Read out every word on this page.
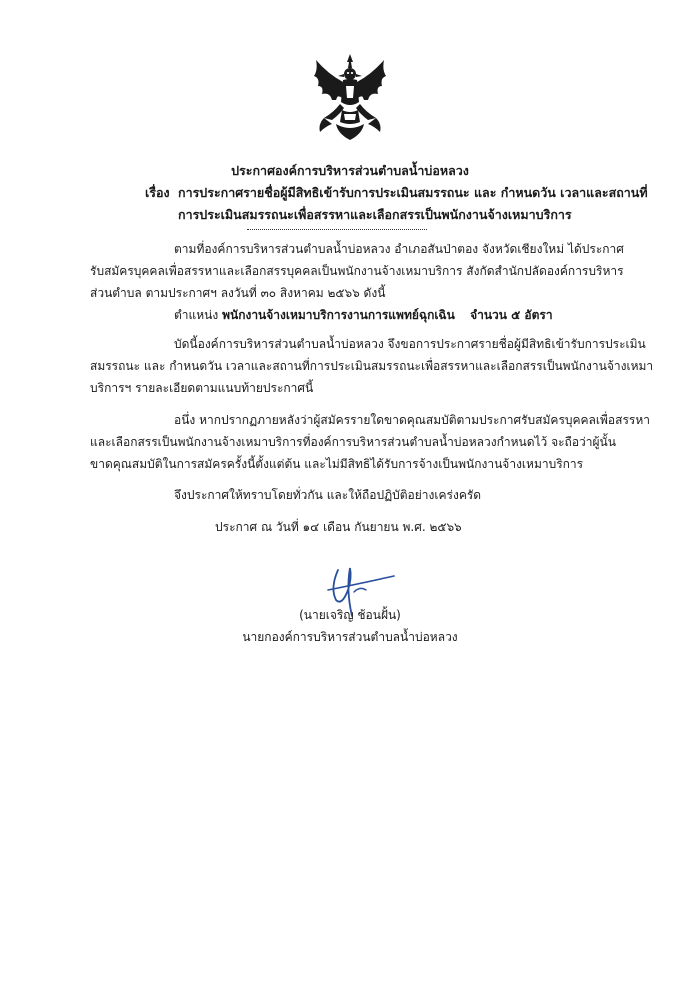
ประกาศองค์การบริหารส่วนตำบลน้ำบ่อหลวง
เรื่อง การประกาศรายชื่อผู้มีสิทธิเข้ารับการประเมินสมรรถนะ และ กำหนดวัน เวลาและสถานที่
การประเมินสมรรถนะเพื่อสรรหาและเลือกสรรเป็นพนักงานจ้างเหมาบริการ
ตามที่องค์การบริหารส่วนตำบลน้ำบ่อหลวง อำเภอสันป่าตอง จังหวัดเชียงใหม่ ได้ประกาศ
รับสมัครบุคคลเพื่อสรรหาและเลือกสรรบุคคลเป็นพนักงานจ้างเหมาบริการ สังกัดสำนักปลัดองค์การบริหาร
ส่วนตำบล ตามประกาศฯ ลงวันที่ ๓๐ สิงหาคม ๒๕๖๖ ดังนี้
ตำแหน่ง พนักงานจ้างเหมาบริการงานการแพทย์ฉุกเฉิน จำนวน ๕ อัตรา
บัดนี้องค์การบริหารส่วนตำบลน้ำบ่อหลวง จึงขอการประกาศรายชื่อผู้มีสิทธิเข้ารับการประเมิน
สมรรถนะ และ กำหนดวัน เวลาและสถานที่การประเมินสมรรถนะเพื่อสรรหาและเลือกสรรเป็นพนักงานจ้างเหมา
บริการฯ รายละเอียดตามแนบท้ายประกาศนี้
อนึ่ง หากปรากฏภายหลังว่าผู้สมัครรายใดขาดคุณสมบัติตามประกาศรับสมัครบุคคลเพื่อสรรหา
และเลือกสรรเป็นพนักงานจ้างเหมาบริการที่องค์การบริหารส่วนตำบลน้ำบ่อหลวงกำหนดไว้ จะถือว่าผู้นั้น
ขาดคุณสมบัติในการสมัครครั้งนี้ตั้งแต่ต้น และไม่มีสิทธิได้รับการจ้างเป็นพนักงานจ้างเหมาบริการ
จึงประกาศให้ทราบโดยทั่วกัน และให้ถือปฏิบัติอย่างเคร่งครัด
ประกาศ ณ วันที่ ๑๔ เดือน กันยายน พ.ศ. ๒๕๖๖
(นายเจริญ ช้อนฝั้น)
นายกองค์การบริหารส่วนตำบลน้ำบ่อหลวง
